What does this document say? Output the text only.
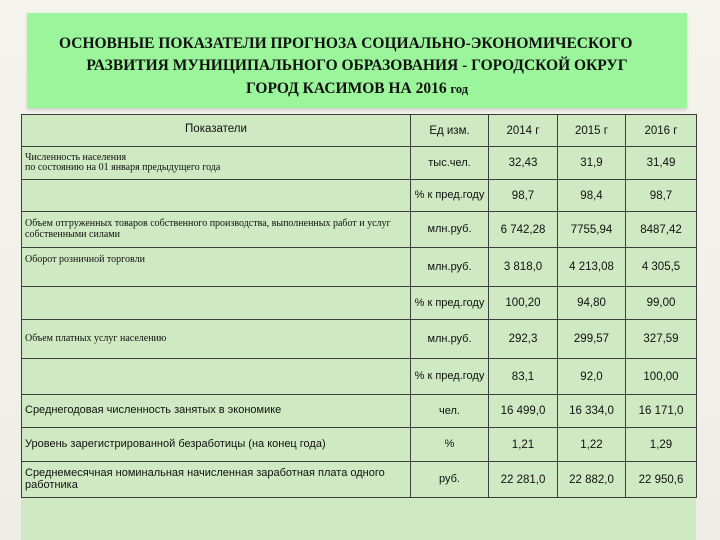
ОСНОВНЫЕ ПОКАЗАТЕЛИ ПРОГНОЗА СОЦИАЛЬНО-ЭКОНОМИЧЕСКОГО
РАЗВИТИЯ МУНИЦИПАЛЬНОГО ОБРАЗОВАНИЯ - ГОРОДСКОЙ ОКРУГ
ГОРОД КАСИМОВ НА 2016 год
Показатели	Ед изм.	2014 г	2015 г	2016 г
Численность населения
по состоянию на 01 января предыдущего года	тыс.чел.	32,43	31,9	31,49
	% к пред.году	98,7	98,4	98,7
Объем отгруженных товаров собственного производства, выполненных работ и услуг собственными силами	млн.руб.	6 742,28	7755,94	8487,42
Оборот розничной торговли	млн.руб.	3 818,0	4 213,08	4 305,5
	% к пред.году	100,20	94,80	99,00
Объем платных услуг населению	млн.руб.	292,3	299,57	327,59
	% к пред.году	83,1	92,0	100,00
Среднегодовая численность занятых в экономике	чел.	16 499,0	16 334,0	16 171,0
Уровень зарегистрированной безработицы (на конец года)	%	1,21	1,22	1,29
Среднемесячная номинальная начисленная заработная плата одного работника	руб.	22 281,0	22 882,0	22 950,6
